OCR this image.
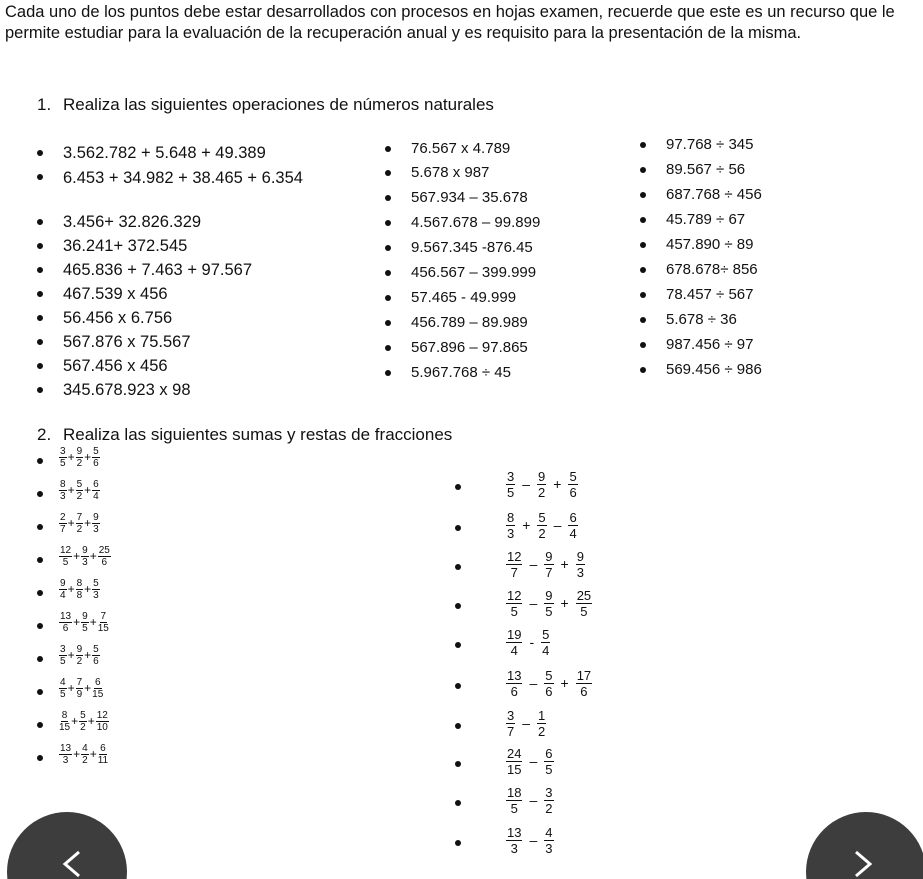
Cada uno de los puntos debe estar desarrollados con procesos en hojas examen, recuerde que este es un recurso que le permite estudiar para la evaluación de la recuperación anual y es requisito para la presentación de la misma.
1. Realiza las siguientes operaciones de números naturales
3.562.782 + 5.648 + 49.389
6.453 + 34.982 + 38.465 + 6.354
3.456+ 32.826.329
36.241+ 372.545
465.836 + 7.463 + 97.567
467.539 x 456
56.456 x 6.756
567.876 x 75.567
567.456 x 456
345.678.923 x 98
76.567 x 4.789
5.678 x 987
567.934 – 35.678
4.567.678 – 99.899
9.567.345 -876.45
456.567 – 399.999
57.465 - 49.999
456.789 – 89.989
567.896 – 97.865
5.967.768 ÷ 45
97.768 ÷ 345
89.567 ÷ 56
687.768 ÷ 456
45.789 ÷ 67
457.890 ÷ 89
678.678÷ 856
78.457 ÷ 567
5.678 ÷ 36
987.456 ÷ 97
569.456 ÷ 986
2. Realiza las siguientes sumas y restas de fracciones
$\frac{3}{5} + \frac{9}{2} + \frac{5}{6}$
$\frac{8}{3} + \frac{5}{2} + \frac{6}{4}$
$\frac{2}{7} + \frac{7}{2} + \frac{9}{3}$
$\frac{12}{5} + \frac{9}{3} + \frac{25}{6}$
$\frac{9}{4} + \frac{8}{8} + \frac{5}{3}$
$\frac{13}{6} + \frac{9}{5} + \frac{7}{15}$
$\frac{3}{5} + \frac{9}{2} + \frac{5}{6}$
$\frac{4}{5} + \frac{7}{9} + \frac{6}{15}$
$\frac{8}{15} + \frac{5}{2} + \frac{12}{10}$
$\frac{13}{3} + \frac{4}{2} + \frac{6}{11}$
$\frac{3}{5} - \frac{9}{2} + \frac{5}{6}$
$\frac{8}{3} + \frac{5}{2} - \frac{6}{4}$
$\frac{12}{7} - \frac{9}{7} + \frac{9}{3}$
$\frac{12}{5} - \frac{9}{5} + \frac{25}{5}$
$\frac{19}{4} - \frac{5}{4}$
$\frac{13}{6} - \frac{5}{6} + \frac{17}{6}$
$\frac{3}{7} - \frac{1}{2}$
$\frac{24}{15} - \frac{6}{5}$
$\frac{18}{5} - \frac{3}{2}$
$\frac{13}{3} - \frac{4}{3}$
